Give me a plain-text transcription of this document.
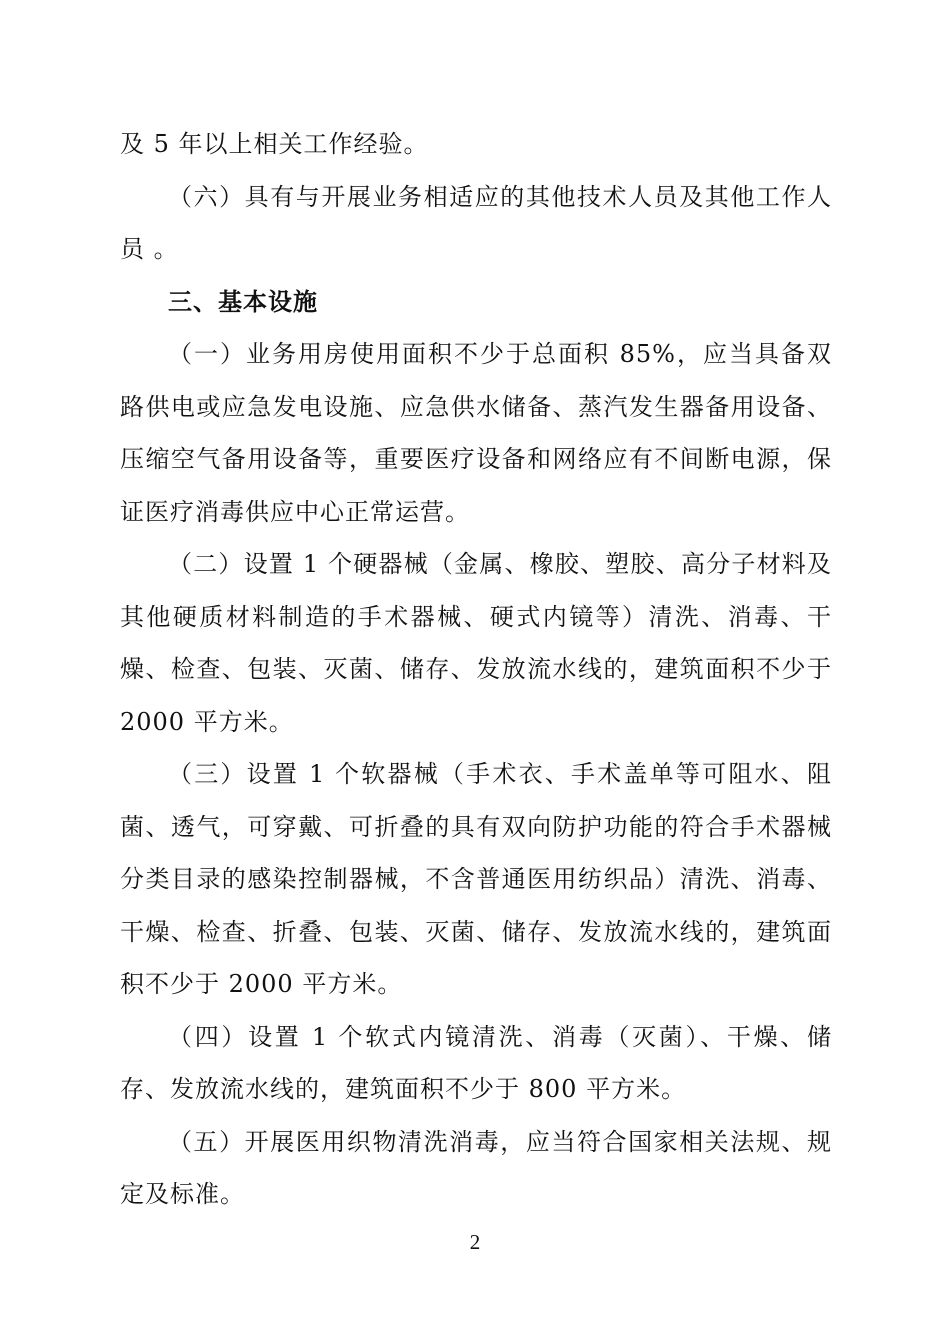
及 5 年以上相关工作经验。

（六）具有与开展业务相适应的其他技术人员及其他工作人员 。

三、基本设施

（一）业务用房使用面积不少于总面积 85%，应当具备双路供电或应急发电设施、应急供水储备、蒸汽发生器备用设备、压缩空气备用设备等，重要医疗设备和网络应有不间断电源，保证医疗消毒供应中心正常运营。

（二）设置 1 个硬器械（金属、橡胶、塑胶、高分子材料及其他硬质材料制造的手术器械、硬式内镜等）清洗、消毒、干燥、检查、包装、灭菌、储存、发放流水线的，建筑面积不少于 2000 平方米。

（三）设置 1 个软器械（手术衣、手术盖单等可阻水、阻菌、透气，可穿戴、可折叠的具有双向防护功能的符合手术器械分类目录的感染控制器械，不含普通医用纺织品）清洗、消毒、干燥、检查、折叠、包装、灭菌、储存、发放流水线的，建筑面积不少于 2000 平方米。

（四）设置 1 个软式内镜清洗、消毒（灭菌）、干燥、储存、发放流水线的，建筑面积不少于 800 平方米。

（五）开展医用织物清洗消毒，应当符合国家相关法规、规定及标准。

2
